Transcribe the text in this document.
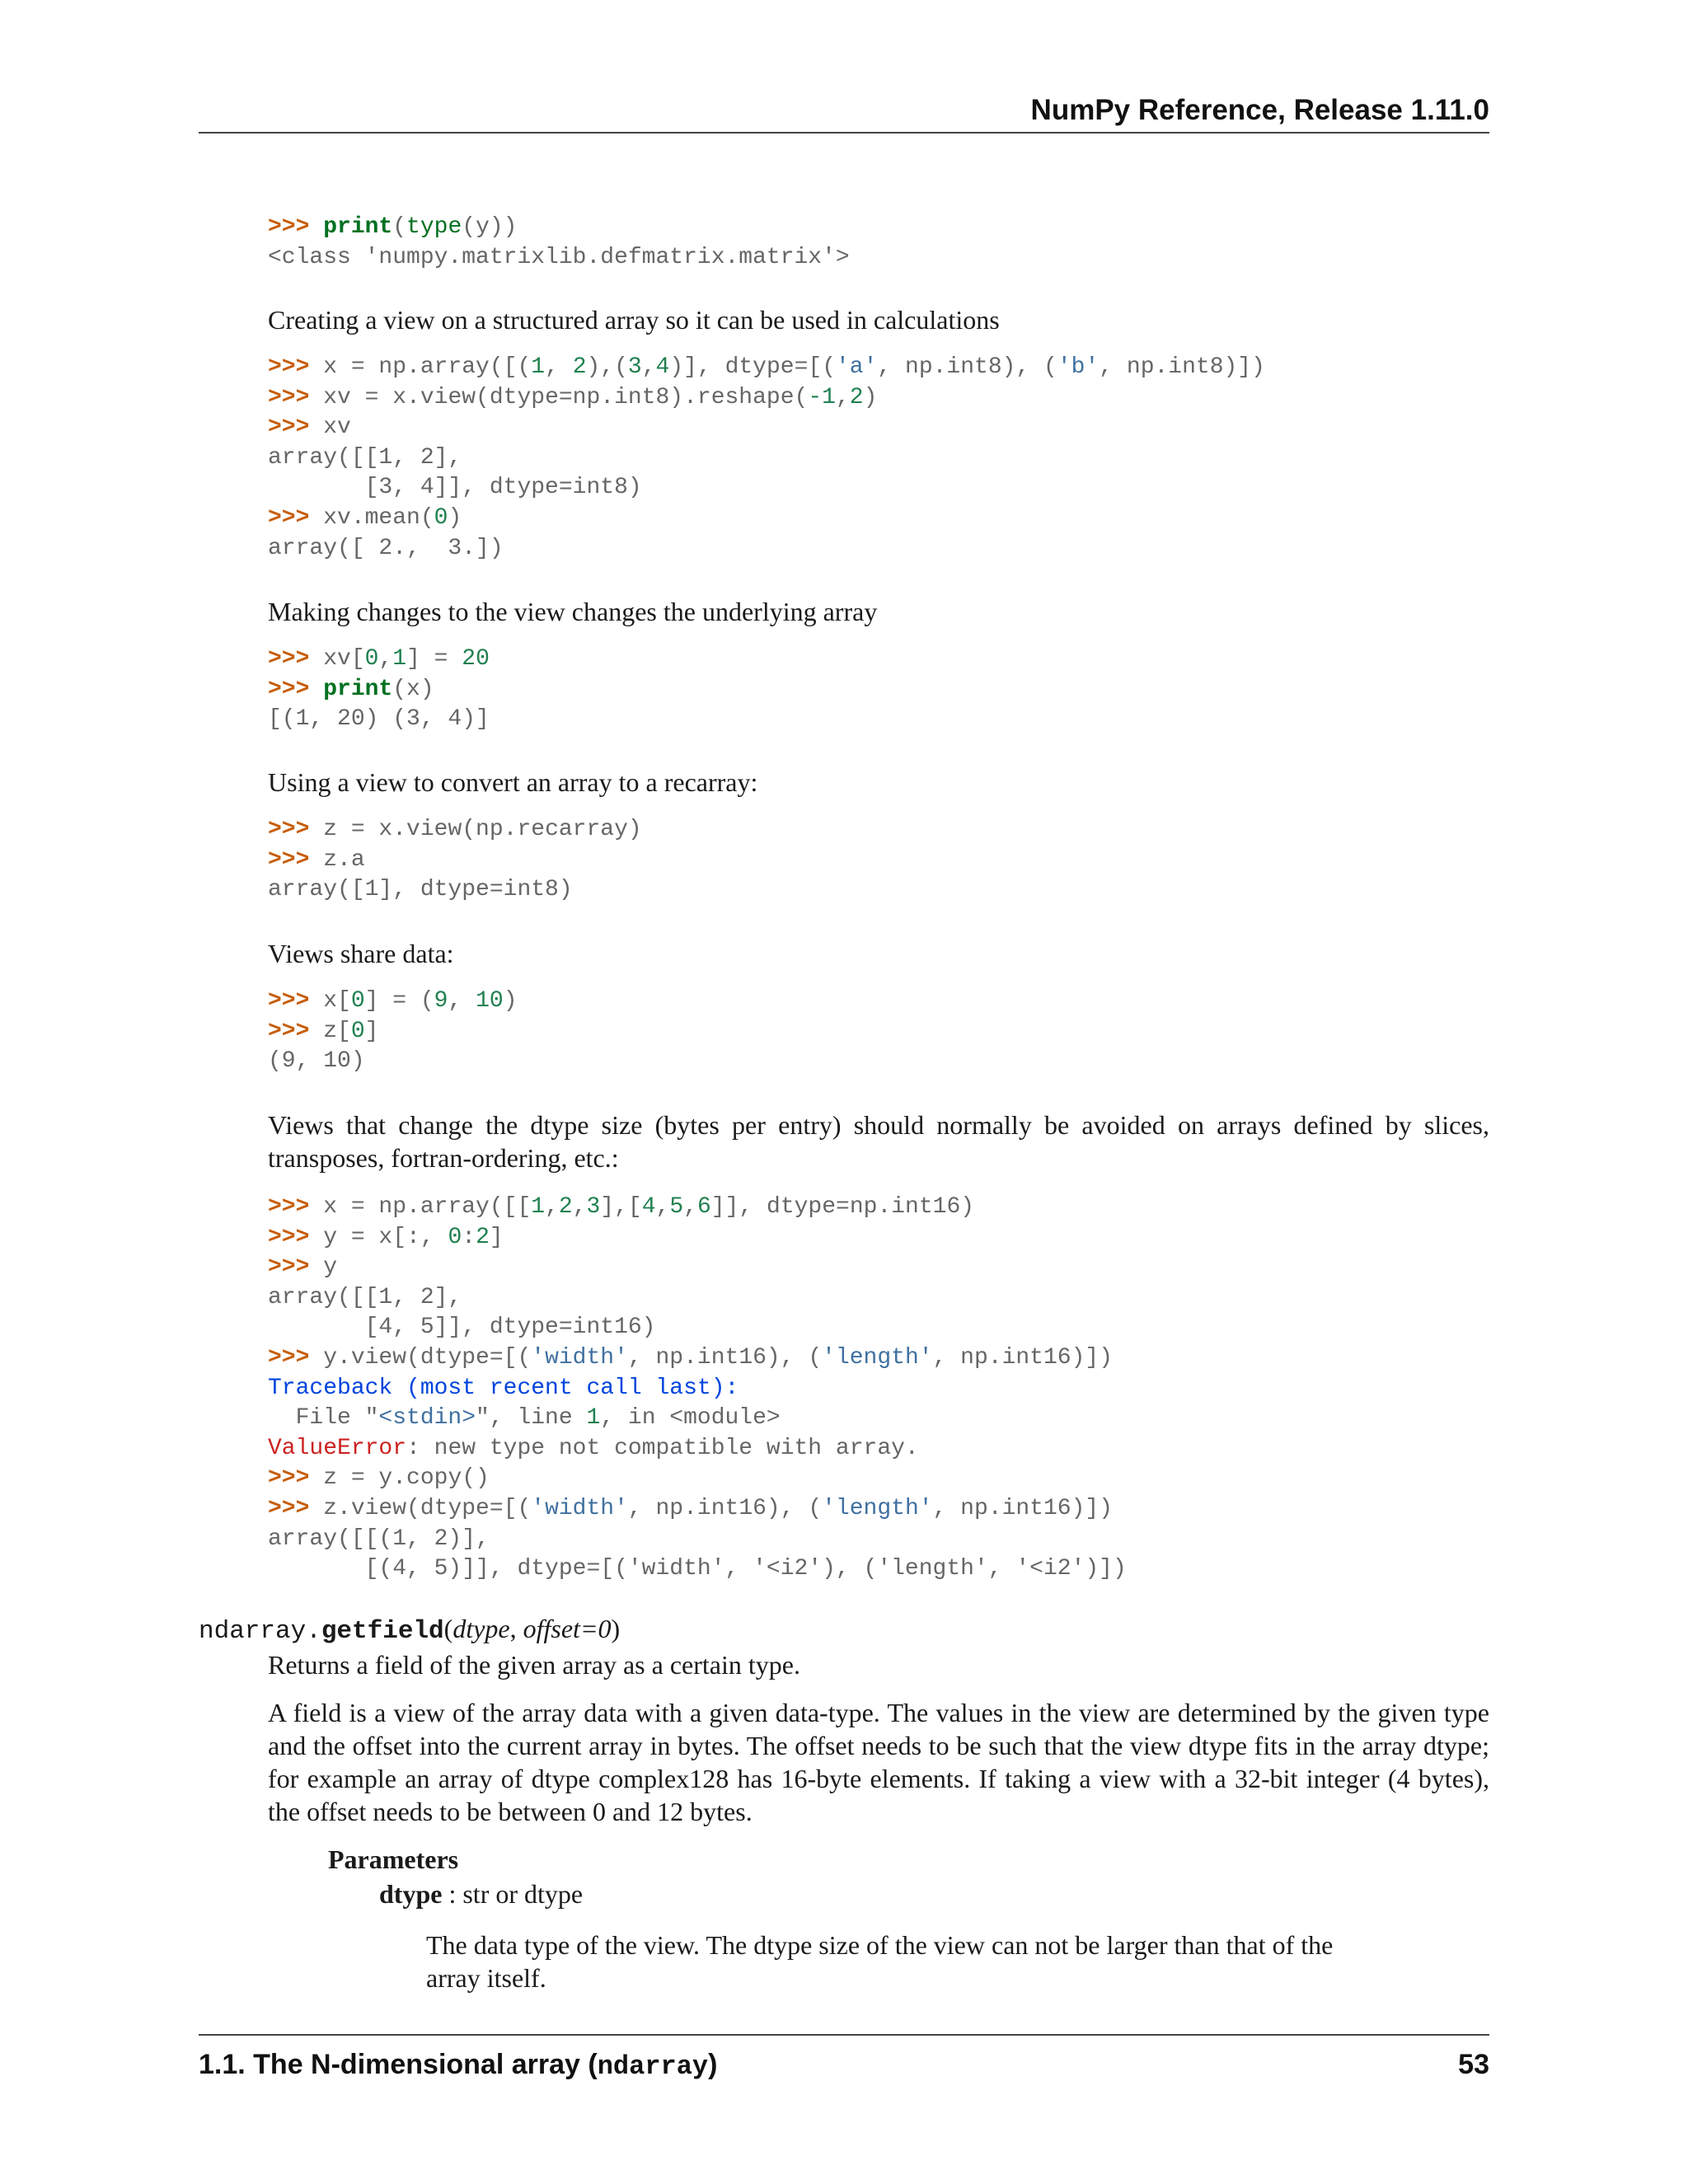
NumPy Reference, Release 1.11.0
>>> print(type(y))
<class 'numpy.matrixlib.defmatrix.matrix'>

Creating a view on a structured array so it can be used in calculations

>>> x = np.array([(1, 2),(3,4)], dtype=[('a', np.int8), ('b', np.int8)])
>>> xv = x.view(dtype=np.int8).reshape(-1,2)
>>> xv
array([[1, 2],
[3, 4]], dtype=int8)
>>> xv.mean(0)
array([ 2.,  3.])

Making changes to the view changes the underlying array

>>> xv[0,1] = 20
>>> print(x)
[(1, 20) (3, 4)]

Using a view to convert an array to a recarray:

>>> z = x.view(np.recarray)
>>> z.a
array([1], dtype=int8)

Views share data:

>>> x[0] = (9, 10)
>>> z[0]
(9, 10)

Views that change the dtype size (bytes per entry) should normally be avoided on arrays defined by slices, transposes, fortran-ordering, etc.:

>>> x = np.array([[1,2,3],[4,5,6]], dtype=np.int16)
>>> y = x[:, 0:2]
>>> y
array([[1, 2],
[4, 5]], dtype=int16)
>>> y.view(dtype=[('width', np.int16), ('length', np.int16)])
Traceback (most recent call last):
File "<stdin>", line 1, in <module>
ValueError: new type not compatible with array.
>>> z = y.copy()
>>> z.view(dtype=[('width', np.int16), ('length', np.int16)])
array([[(1, 2)],
[(4, 5)]], dtype=[('width', '<i2'), ('length', '<i2')])
ndarray.getfield(dtype, offset=0)

Returns a field of the given array as a certain type.

A field is a view of the array data with a given data-type. The values in the view are determined by the given type and the offset into the current array in bytes. The offset needs to be such that the view dtype fits in the array dtype; for example an array of dtype complex128 has 16-byte elements. If taking a view with a 32-bit integer (4 bytes), the offset needs to be between 0 and 12 bytes.

Parameters
dtype : str or dtype
The data type of the view. The dtype size of the view can not be larger than that of the array itself.
1.1. The N-dimensional array (ndarray)	53
